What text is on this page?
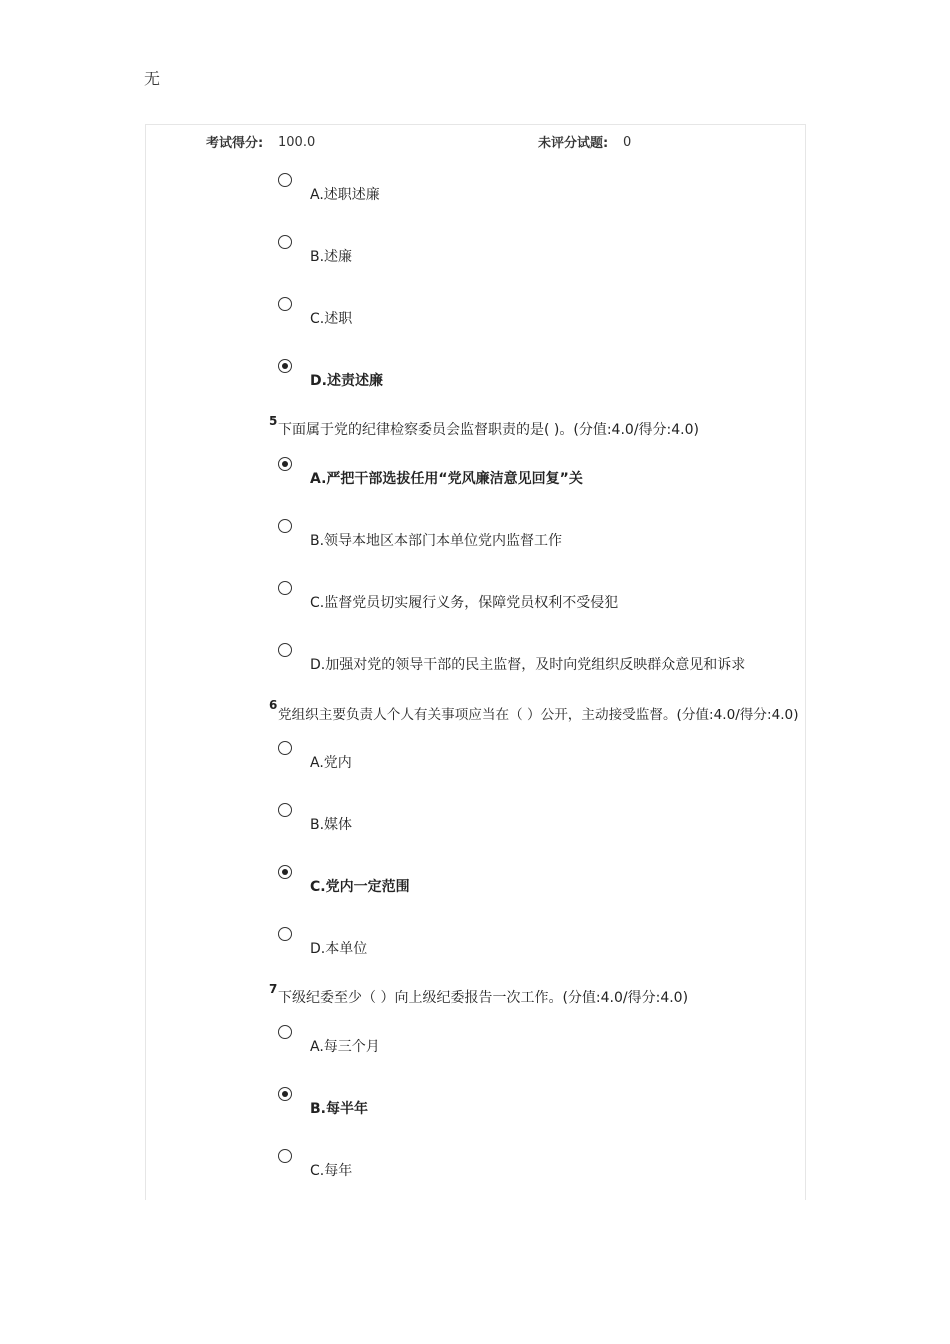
无
考试得分: 100.0	未评分试题: 0
A.述职述廉
B.述廉
C.述职
D.述责述廉
5
下面属于党的纪律检察委员会监督职责的是( )。(分值:4.0/得分:4.0)
A.严把干部选拔任用“党风廉洁意见回复”关
B.领导本地区本部门本单位党内监督工作
C.监督党员切实履行义务，保障党员权利不受侵犯
D.加强对党的领导干部的民主监督，及时向党组织反映群众意见和诉求
6
党组织主要负责人个人有关事项应当在（ ）公开，主动接受监督。(分值:4.0/得分:4.0)
A.党内
B.媒体
C.党内一定范围
D.本单位
7
下级纪委至少（ ）向上级纪委报告一次工作。(分值:4.0/得分:4.0)
A.每三个月
B.每半年
C.每年
